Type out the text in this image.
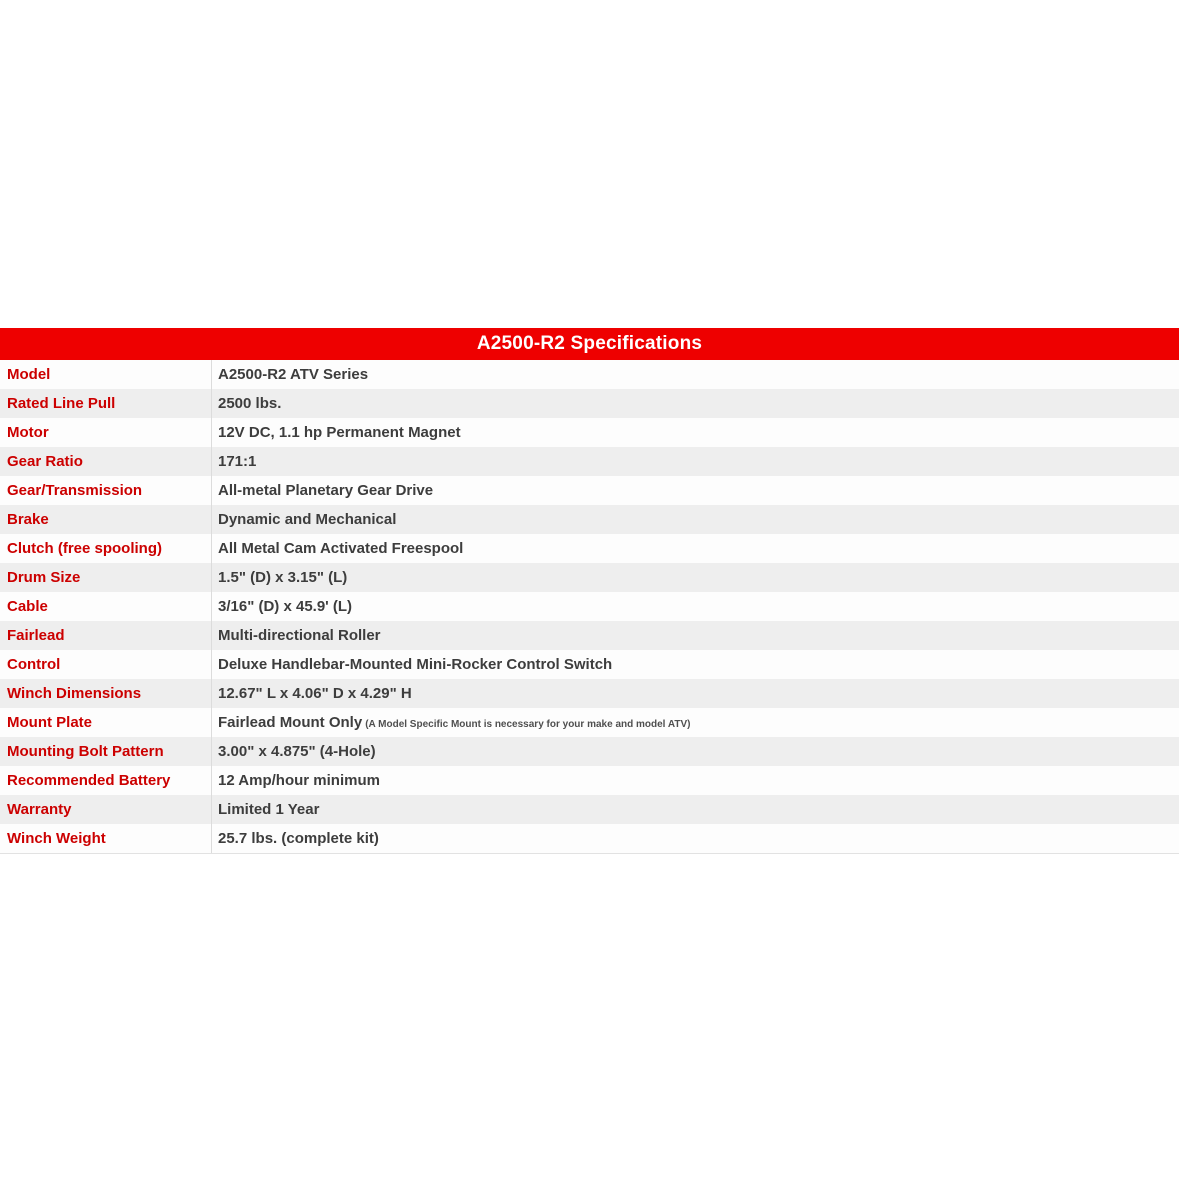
A2500-R2 Specifications
Model	A2500-R2 ATV Series
Rated Line Pull	2500 lbs.
Motor	12V DC, 1.1 hp Permanent Magnet
Gear Ratio	171:1
Gear/Transmission	All-metal Planetary Gear Drive
Brake	Dynamic and Mechanical
Clutch (free spooling)	All Metal Cam Activated Freespool
Drum Size	1.5" (D) x 3.15" (L)
Cable	3/16" (D) x 45.9' (L)
Fairlead	Multi-directional Roller
Control	Deluxe Handlebar-Mounted Mini-Rocker Control Switch
Winch Dimensions	12.67" L x 4.06" D x 4.29" H
Mount Plate	Fairlead Mount Only (A Model Specific Mount is necessary for your make and model ATV)
Mounting Bolt Pattern	3.00" x 4.875" (4-Hole)
Recommended Battery	12 Amp/hour minimum
Warranty	Limited 1 Year
Winch Weight	25.7 lbs. (complete kit)
